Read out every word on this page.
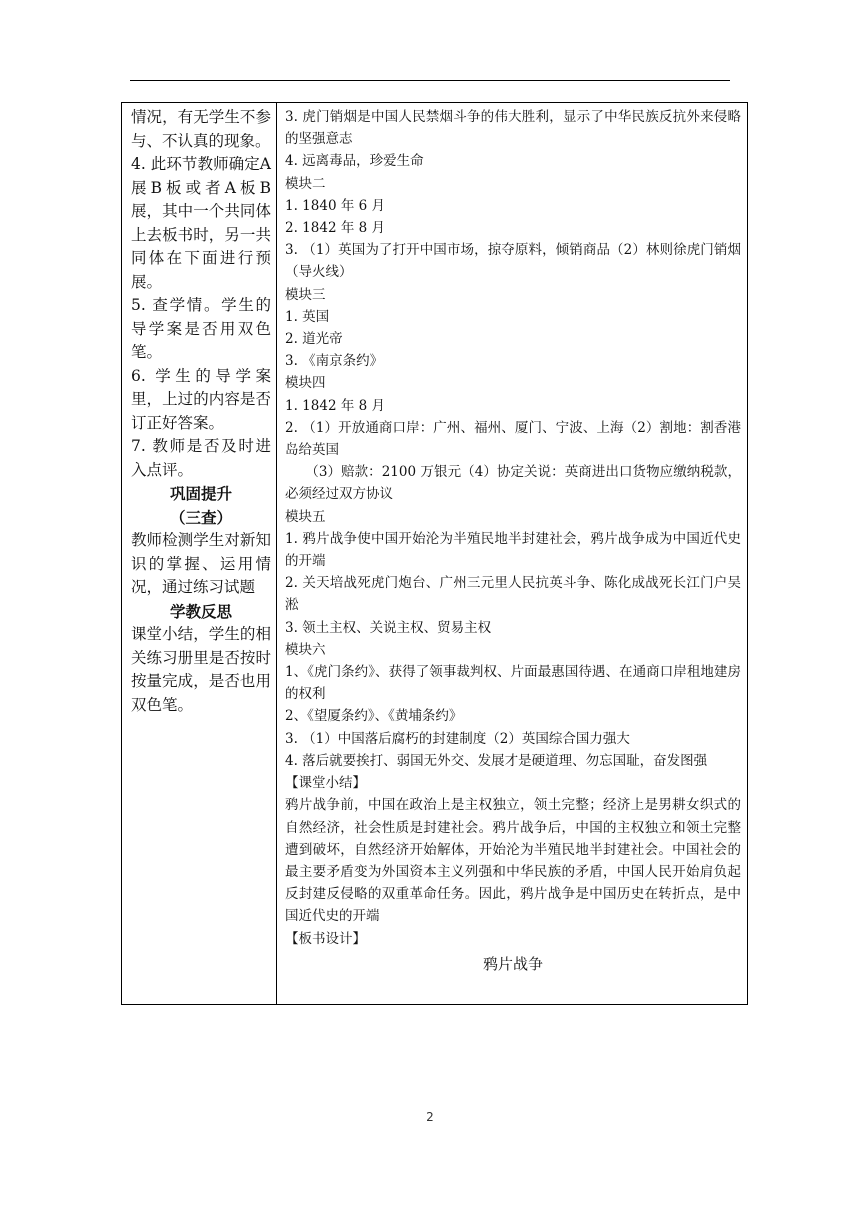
情况，有无学生不参与、不认真的现象。
4. 此环节教师确定A展B板或者A板B展，其中一个共同体上去板书时，另一共同体在下面进行预展。
5. 查学情。学生的导学案是否用双色笔。
6. 学生的导学案里，上过的内容是否订正好答案。
7. 教师是否及时进入点评。
巩固提升
（三查）
教师检测学生对新知识的掌握、运用情况，通过练习试题
学教反思
课堂小结，学生的相关练习册里是否按时按量完成，是否也用双色笔。
3. 虎门销烟是中国人民禁烟斗争的伟大胜利，显示了中华民族反抗外来侵略的坚强意志
4. 远离毒品，珍爱生命
模块二
1. 1840 年 6 月
2. 1842 年 8 月
3. （1）英国为了打开中国市场，掠夺原料，倾销商品（2）林则徐虎门销烟（导火线）
模块三
1. 英国
2. 道光帝
3. 《南京条约》
模块四
1. 1842 年 8 月
2. （1）开放通商口岸：广州、福州、厦门、宁波、上海（2）割地：割香港岛给英国
（3）赔款：2100 万银元（4）协定关说：英商进出口货物应缴纳税款，必须经过双方协议
模块五
1. 鸦片战争使中国开始沦为半殖民地半封建社会，鸦片战争成为中国近代史的开端
2. 关天培战死虎门炮台、广州三元里人民抗英斗争、陈化成战死长江门户吴淞
3. 领土主权、关说主权、贸易主权
模块六
1、《虎门条约》、获得了领事裁判权、片面最惠国待遇、在通商口岸租地建房的权利
2、《望厦条约》、《黄埔条约》
3. （1）中国落后腐朽的封建制度（2）英国综合国力强大
4. 落后就要挨打、弱国无外交、发展才是硬道理、勿忘国耻，奋发图强
【课堂小结】
鸦片战争前，中国在政治上是主权独立，领土完整；经济上是男耕女织式的自然经济，社会性质是封建社会。鸦片战争后，中国的主权独立和领土完整遭到破坏，自然经济开始解体，开始沦为半殖民地半封建社会。中国社会的最主要矛盾变为外国资本主义列强和中华民族的矛盾，中国人民开始肩负起反封建反侵略的双重革命任务。因此，鸦片战争是中国历史在转折点，是中国近代史的开端
【板书设计】
鸦片战争
2
